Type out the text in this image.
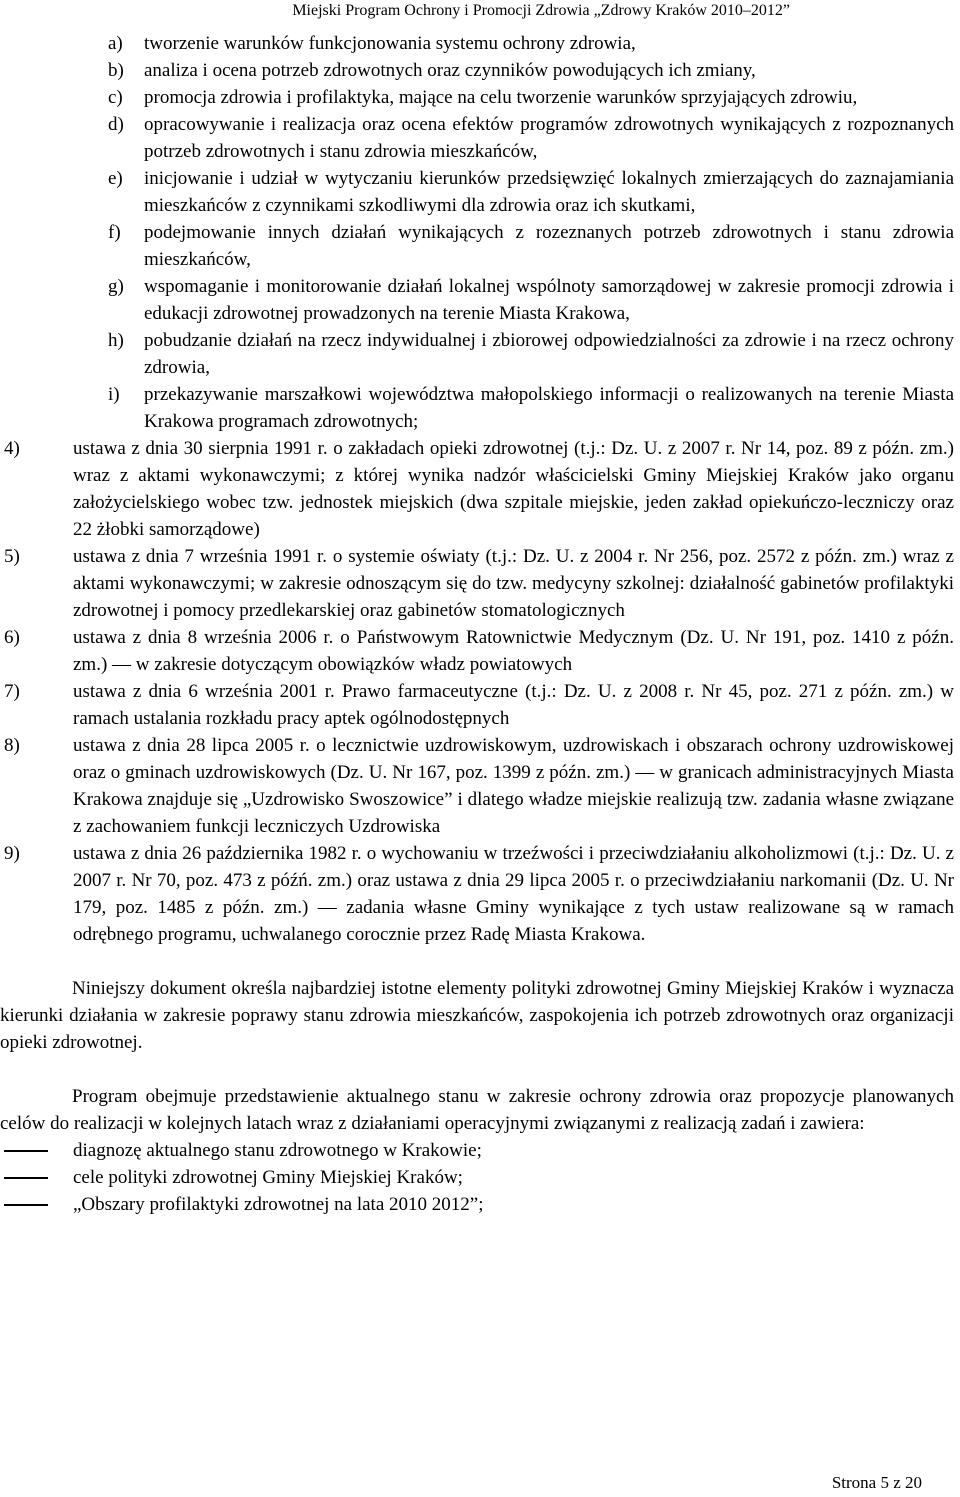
Miejski Program Ochrony i Promocji Zdrowia „Zdrowy Kraków 2010–2012”
a) tworzenie warunków funkcjonowania systemu ochrony zdrowia,
b) analiza i ocena potrzeb zdrowotnych oraz czynników powodujących ich zmiany,
c) promocja zdrowia i profilaktyka, mające na celu tworzenie warunków sprzyjających zdrowiu,
d) opracowywanie i realizacja oraz ocena efektów programów zdrowotnych wynikających z rozpoznanych potrzeb zdrowotnych i stanu zdrowia mieszkańców,
e) inicjowanie i udział w wytyczaniu kierunków przedsięwzięć lokalnych zmierzających do zaznajamiania mieszkańców z czynnikami szkodliwymi dla zdrowia oraz ich skutkami,
f) podejmowanie innych działań wynikających z rozeznanych potrzeb zdrowotnych i stanu zdrowia mieszkańców,
g) wspomaganie i monitorowanie działań lokalnej wspólnoty samorządowej w zakresie promocji zdrowia i edukacji zdrowotnej prowadzonych na terenie Miasta Krakowa,
h) pobudzanie działań na rzecz indywidualnej i zbiorowej odpowiedzialności za zdrowie i na rzecz ochrony zdrowia,
i) przekazywanie marszałkowi województwa małopolskiego informacji o realizowanych na terenie Miasta Krakowa programach zdrowotnych;
4)	ustawa z dnia 30 sierpnia 1991 r. o zakładach opieki zdrowotnej (t.j.: Dz. U. z 2007 r. Nr 14, poz. 89 z późn. zm.) wraz z aktami wykonawczymi; z której wynika nadzór właścicielski Gminy Miejskiej Kraków jako organu założycielskiego wobec tzw. jednostek miejskich (dwa szpitale miejskie, jeden zakład opiekuńczo-leczniczy oraz 22 żłobki samorządowe)
5)	ustawa z dnia 7 września 1991 r. o systemie oświaty (t.j.: Dz. U. z 2004 r. Nr 256, poz. 2572 z późn. zm.) wraz z aktami wykonawczymi; w zakresie odnoszącym się do tzw. medycyny szkolnej: działalność gabinetów profilaktyki zdrowotnej i pomocy przedlekarskiej oraz gabinetów stomatologicznych
6)	ustawa z dnia 8 września 2006 r. o Państwowym Ratownictwie Medycznym (Dz. U. Nr 191, poz. 1410 z późn. zm.) — w zakresie dotyczącym obowiązków władz powiatowych
7)	ustawa z dnia 6 września 2001 r. Prawo farmaceutyczne (t.j.: Dz. U. z 2008 r. Nr 45, poz. 271 z późn. zm.) w ramach ustalania rozkładu pracy aptek ogólnodostępnych
8)	ustawa z dnia 28 lipca 2005 r. o lecznictwie uzdrowiskowym, uzdrowiskach i obszarach ochrony uzdrowiskowej oraz o gminach uzdrowiskowych (Dz. U. Nr 167, poz. 1399 z późn. zm.) — w granicach administracyjnych Miasta Krakowa znajduje się „Uzdrowisko Swoszowice” i dlatego władze miejskie realizują tzw. zadania własne związane z zachowaniem funkcji leczniczych Uzdrowiska
9)	ustawa z dnia 26 października 1982 r. o wychowaniu w trzeźwości i przeciwdziałaniu alkoholizmowi (t.j.: Dz. U. z 2007 r. Nr 70, poz. 473 z późń. zm.) oraz ustawa z dnia 29 lipca 2005 r. o przeciwdziałaniu narkomanii (Dz. U. Nr 179, poz. 1485 z późn. zm.) — zadania własne Gminy wynikające z tych ustaw realizowane są w ramach odrębnego programu, uchwalanego corocznie przez Radę Miasta Krakowa.

Niniejszy dokument określa najbardziej istotne elementy polityki zdrowotnej Gminy Miejskiej Kraków i wyznacza kierunki działania w zakresie poprawy stanu zdrowia mieszkańców, zaspokojenia ich potrzeb zdrowotnych oraz organizacji opieki zdrowotnej.

Program obejmuje przedstawienie aktualnego stanu w zakresie ochrony zdrowia oraz propozycje planowanych celów do realizacji w kolejnych latach wraz z działaniami operacyjnymi związanymi z realizacją zadań i zawiera:

diagnozę aktualnego stanu zdrowotnego w Krakowie;
cele polityki zdrowotnej Gminy Miejskiej Kraków;
„Obszary profilaktyki zdrowotnej na lata 2010 2012”;
Strona 5 z 20
